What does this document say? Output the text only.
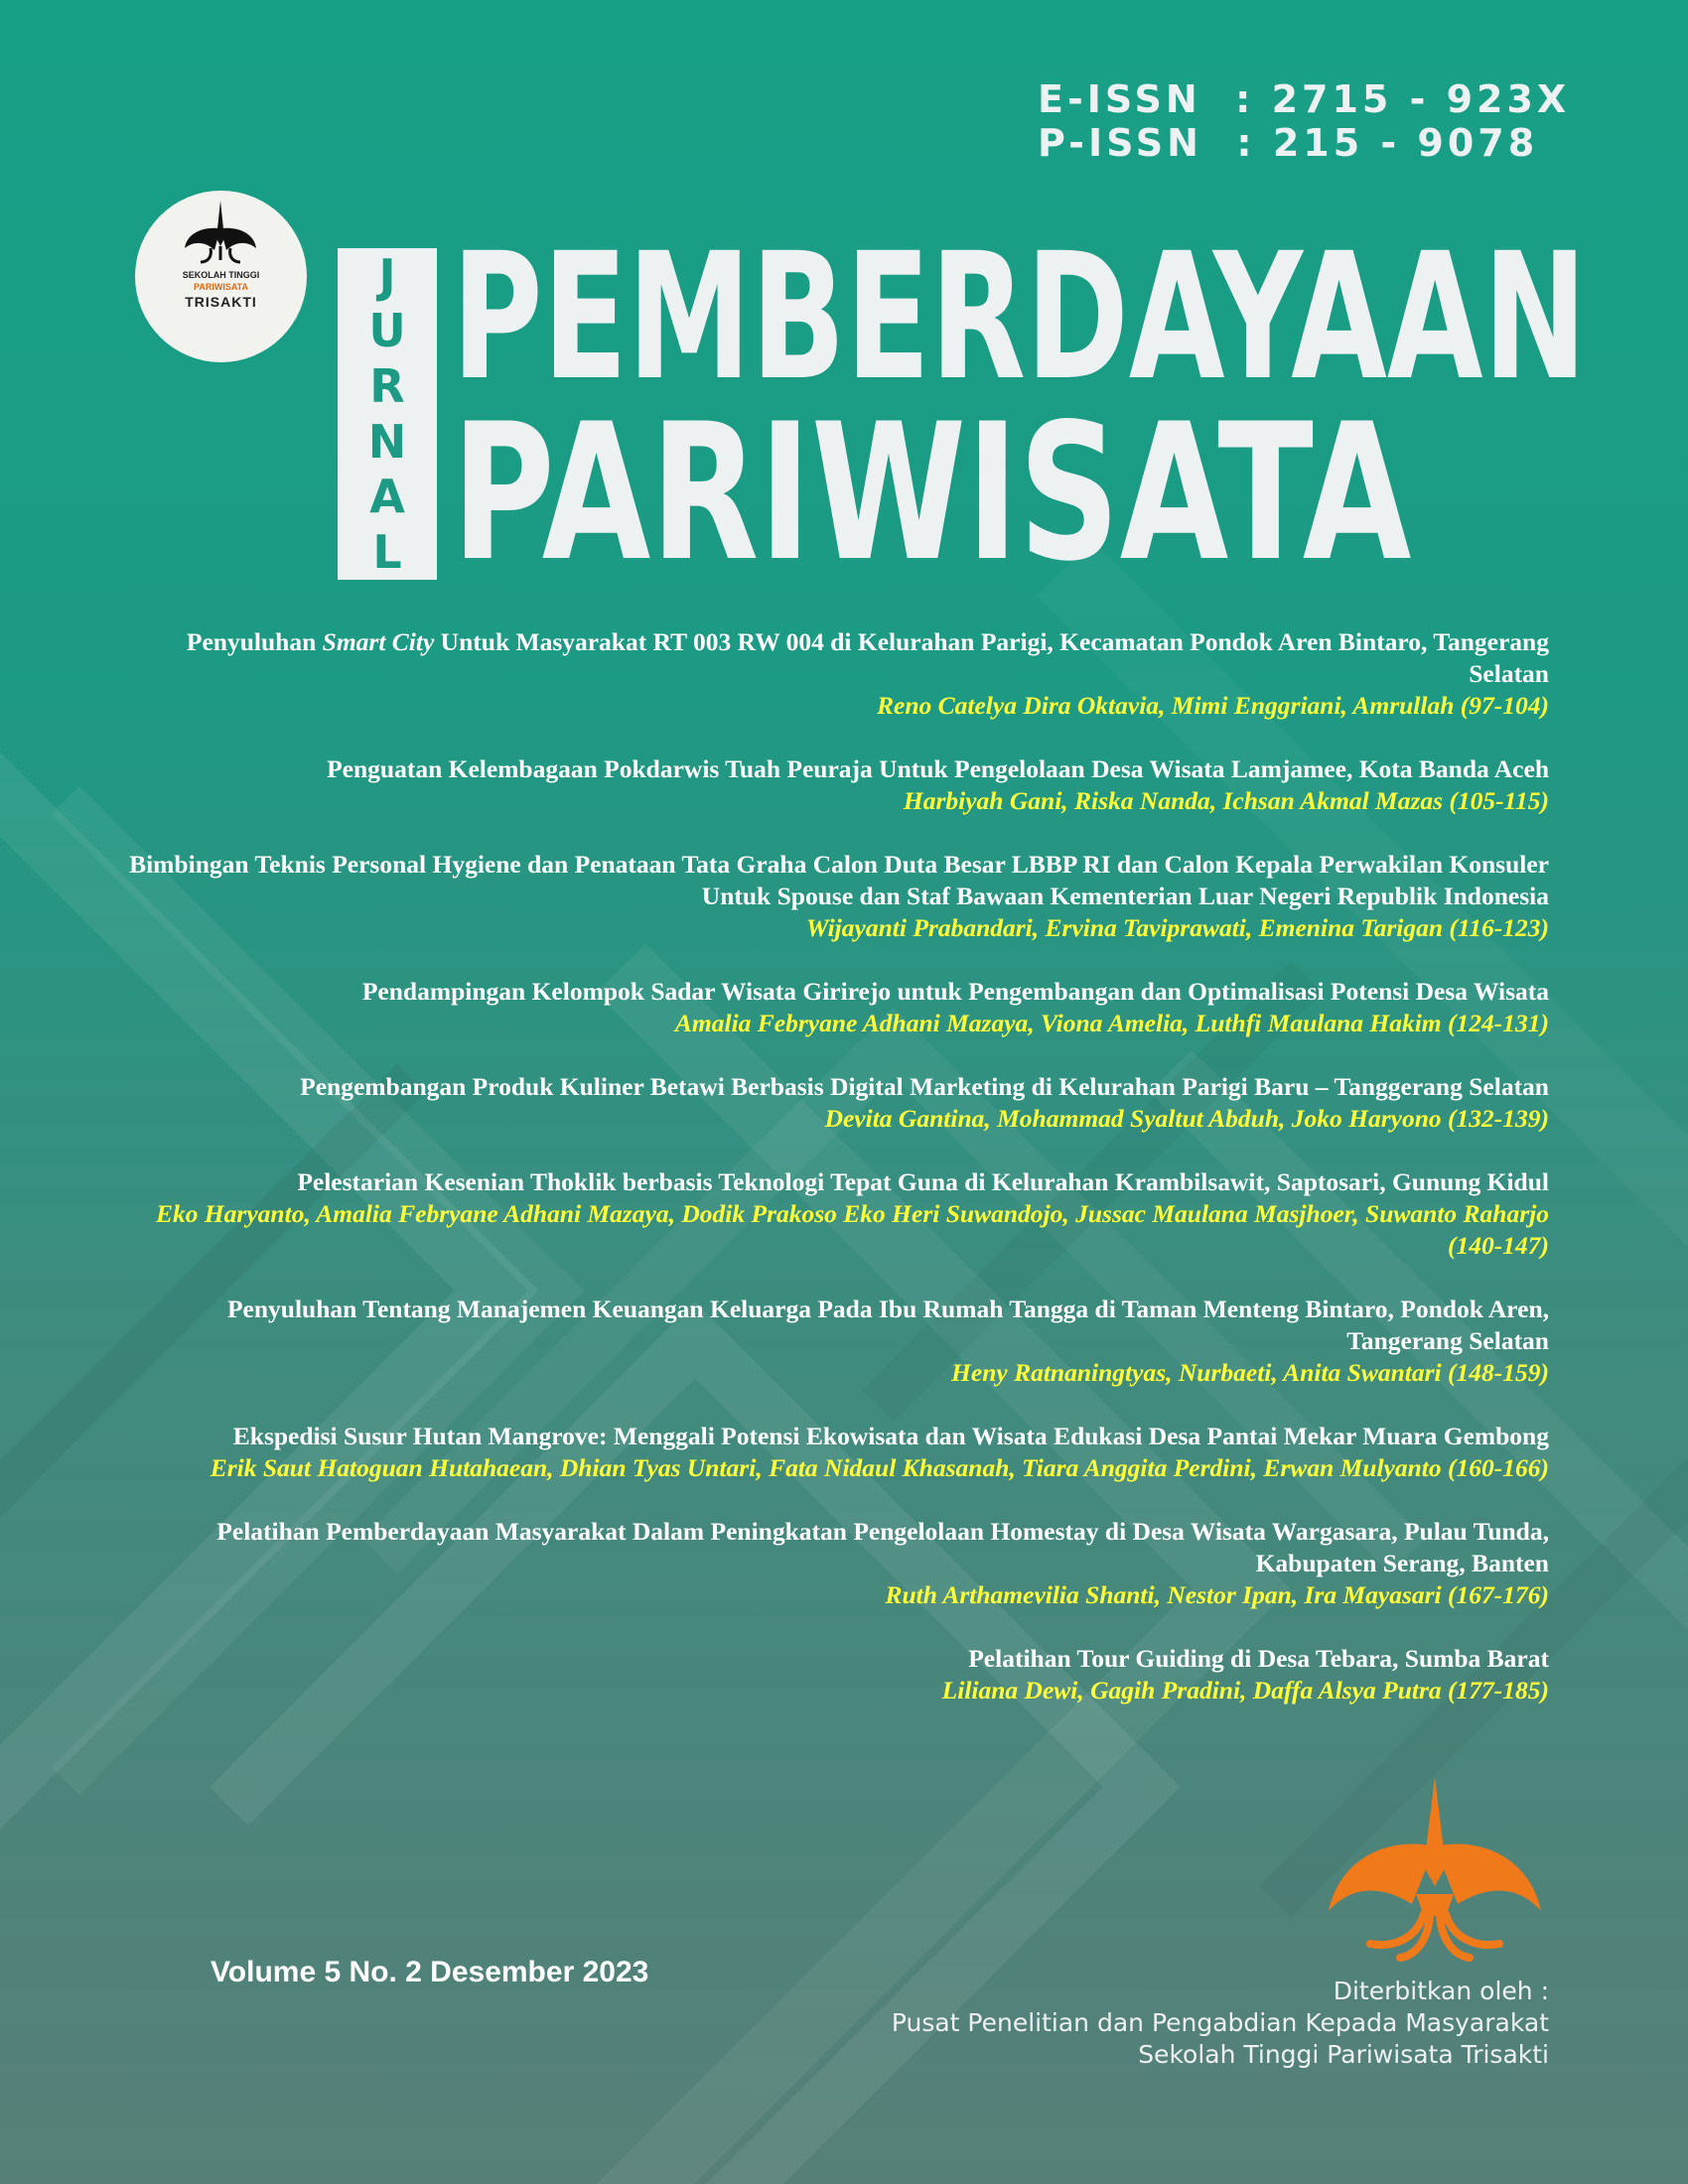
E-ISSN : 2715 - 923X
P-ISSN : 215 - 9078
SEKOLAH TINGGI
PARIWISATA
TRISAKTI	J
U
R
N
A
L
PEMBERDAYAAN
PARIWISATA
Penyuluhan Smart City Untuk Masyarakat RT 003 RW 004 di Kelurahan Parigi, Kecamatan Pondok Aren Bintaro, Tangerang Selatan
Reno Catelya Dira Oktavia, Mimi Enggriani, Amrullah (97-104)
Penguatan Kelembagaan Pokdarwis Tuah Peuraja Untuk Pengelolaan Desa Wisata Lamjamee, Kota Banda Aceh
Harbiyah Gani, Riska Nanda, Ichsan Akmal Mazas (105-115)
Bimbingan Teknis Personal Hygiene dan Penataan Tata Graha Calon Duta Besar LBBP RI dan Calon Kepala Perwakilan Konsuler Untuk Spouse dan Staf Bawaan Kementerian Luar Negeri Republik Indonesia
Wijayanti Prabandari, Ervina Taviprawati, Emenina Tarigan (116-123)
Pendampingan Kelompok Sadar Wisata Girirejo untuk Pengembangan dan Optimalisasi Potensi Desa Wisata
Amalia Febryane Adhani Mazaya, Viona Amelia, Luthfi Maulana Hakim (124-131)
Pengembangan Produk Kuliner Betawi Berbasis Digital Marketing di Kelurahan Parigi Baru – Tanggerang Selatan
Devita Gantina, Mohammad Syaltut Abduh, Joko Haryono (132-139)
Pelestarian Kesenian Thoklik berbasis Teknologi Tepat Guna di Kelurahan Krambilsawit, Saptosari, Gunung Kidul
Eko Haryanto, Amalia Febryane Adhani Mazaya, Dodik Prakoso Eko Heri Suwandojo, Jussac Maulana Masjhoer, Suwanto Raharjo (140-147)
Penyuluhan Tentang Manajemen Keuangan Keluarga Pada Ibu Rumah Tangga di Taman Menteng Bintaro, Pondok Aren, Tangerang Selatan
Heny Ratnaningtyas, Nurbaeti, Anita Swantari (148-159)
Ekspedisi Susur Hutan Mangrove: Menggali Potensi Ekowisata dan Wisata Edukasi Desa Pantai Mekar Muara Gembong
Erik Saut Hatoguan Hutahaean, Dhian Tyas Untari, Fata Nidaul Khasanah, Tiara Anggita Perdini, Erwan Mulyanto (160-166)
Pelatihan Pemberdayaan Masyarakat Dalam Peningkatan Pengelolaan Homestay di Desa Wisata Wargasara, Pulau Tunda, Kabupaten Serang, Banten
Ruth Arthamevilia Shanti, Nestor Ipan, Ira Mayasari (167-176)
Pelatihan Tour Guiding di Desa Tebara, Sumba Barat
Liliana Dewi, Gagih Pradini, Daffa Alsya Putra (177-185)
Volume 5 No. 2 Desember 2023
Diterbitkan oleh :
Pusat Penelitian dan Pengabdian Kepada Masyarakat
Sekolah Tinggi Pariwisata Trisakti
